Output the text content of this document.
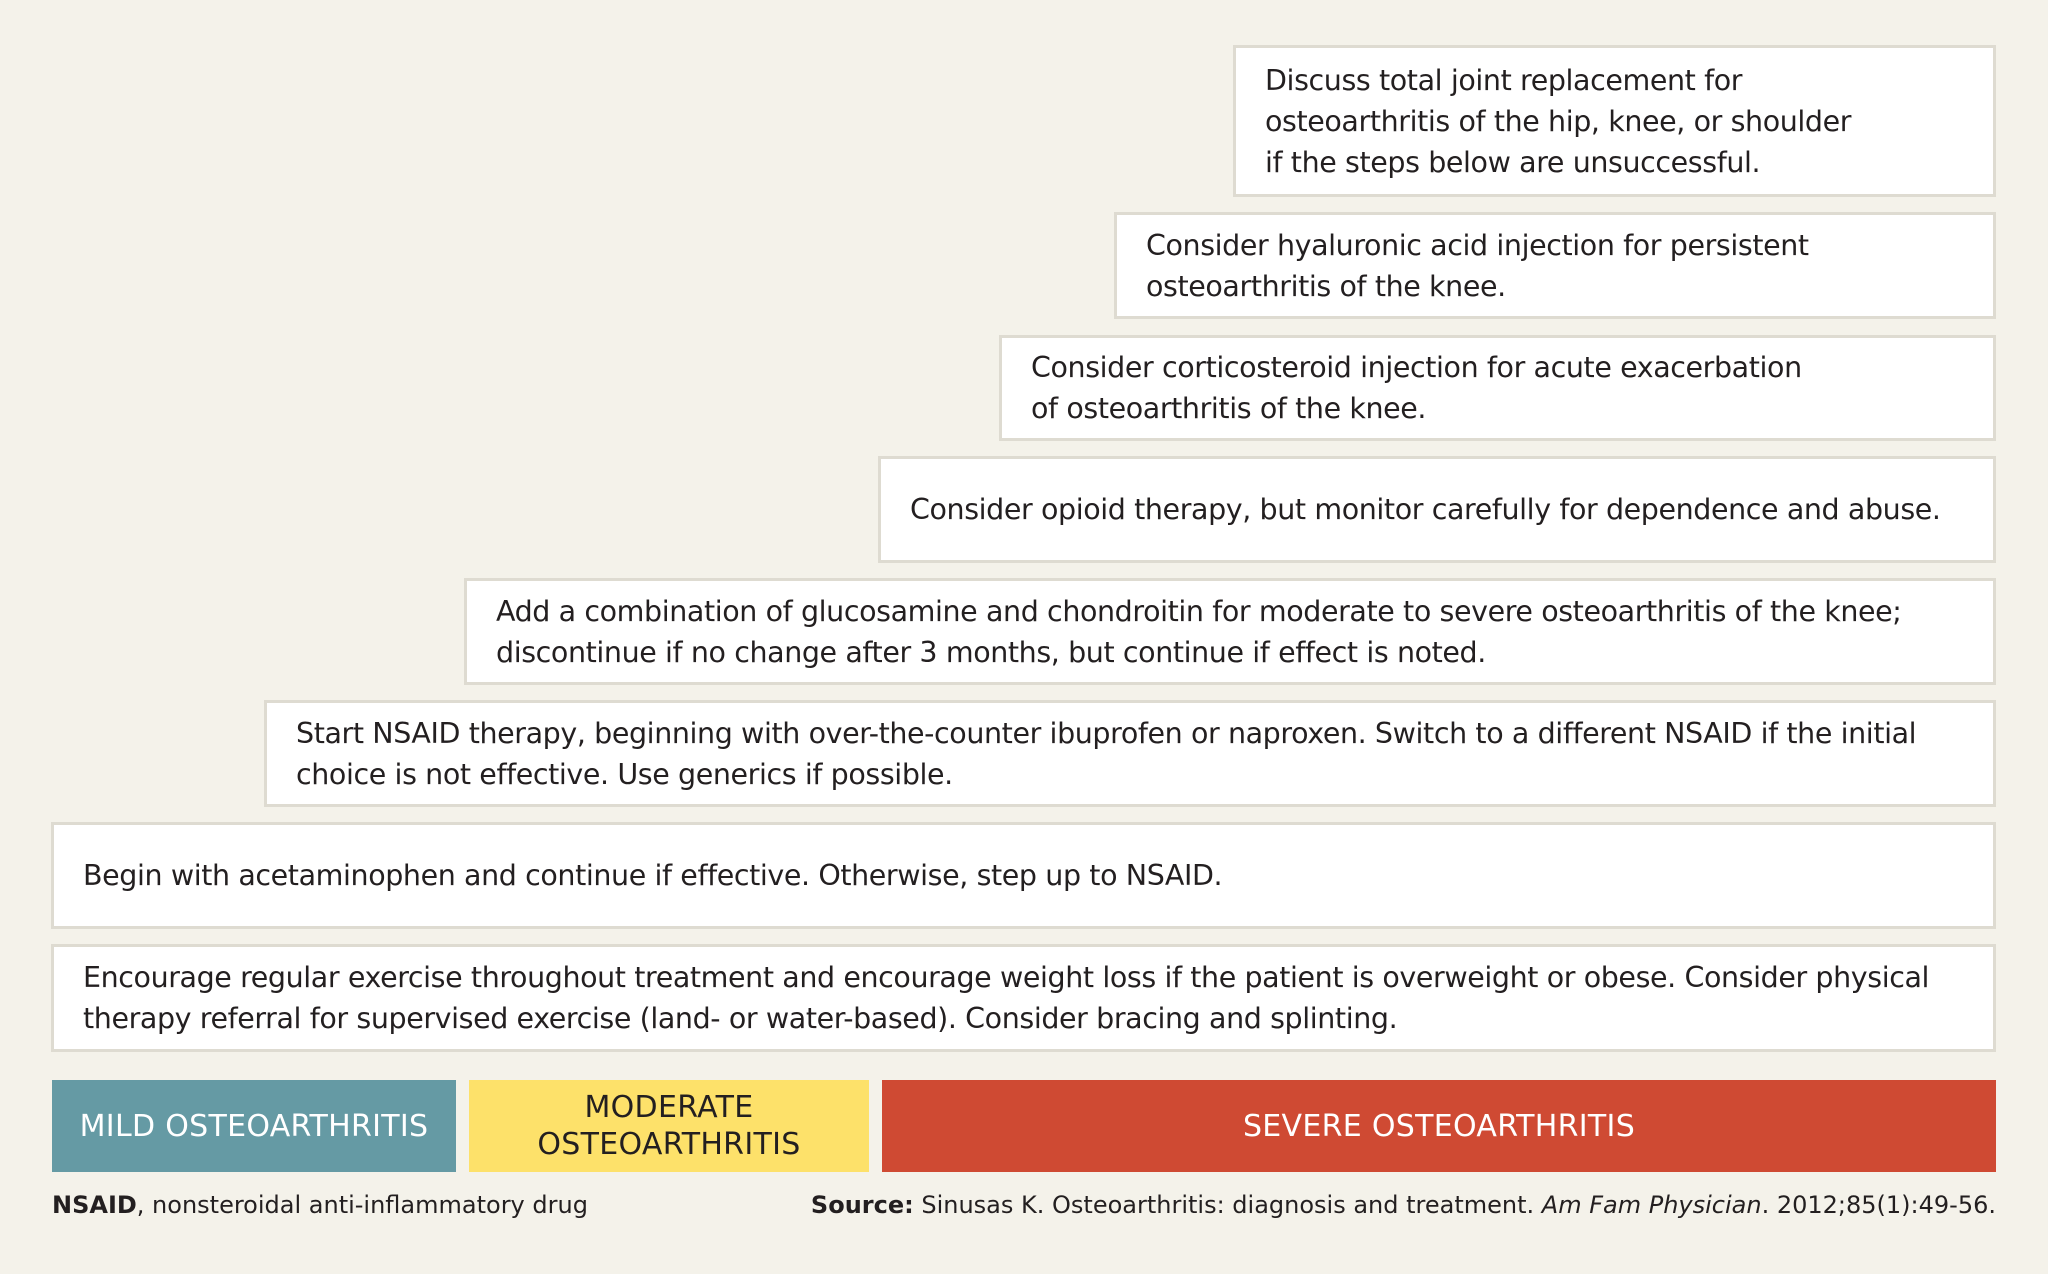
Discuss total joint replacement for osteoarthritis of the hip, knee, or shoulder if the steps below are unsuccessful.
Consider hyaluronic acid injection for persistent osteoarthritis of the knee.
Consider corticosteroid injection for acute exacerbation of osteoarthritis of the knee.
Consider opioid therapy, but monitor carefully for dependence and abuse.
Add a combination of glucosamine and chondroitin for moderate to severe osteoarthritis of the knee; discontinue if no change after 3 months, but continue if effect is noted.
Start NSAID therapy, beginning with over-the-counter ibuprofen or naproxen. Switch to a different NSAID if the initial choice is not effective. Use generics if possible.
Begin with acetaminophen and continue if effective. Otherwise, step up to NSAID.
Encourage regular exercise throughout treatment and encourage weight loss if the patient is overweight or obese. Consider physical therapy referral for supervised exercise (land- or water-based). Consider bracing and splinting.
MILD OSTEOARTHRITIS
MODERATE
OSTEOARTHRITIS
SEVERE OSTEOARTHRITIS
NSAID, nonsteroidal anti-inflammatory drug	Source: Sinusas K. Osteoarthritis: diagnosis and treatment. Am Fam Physician. 2012;85(1):49-56.
